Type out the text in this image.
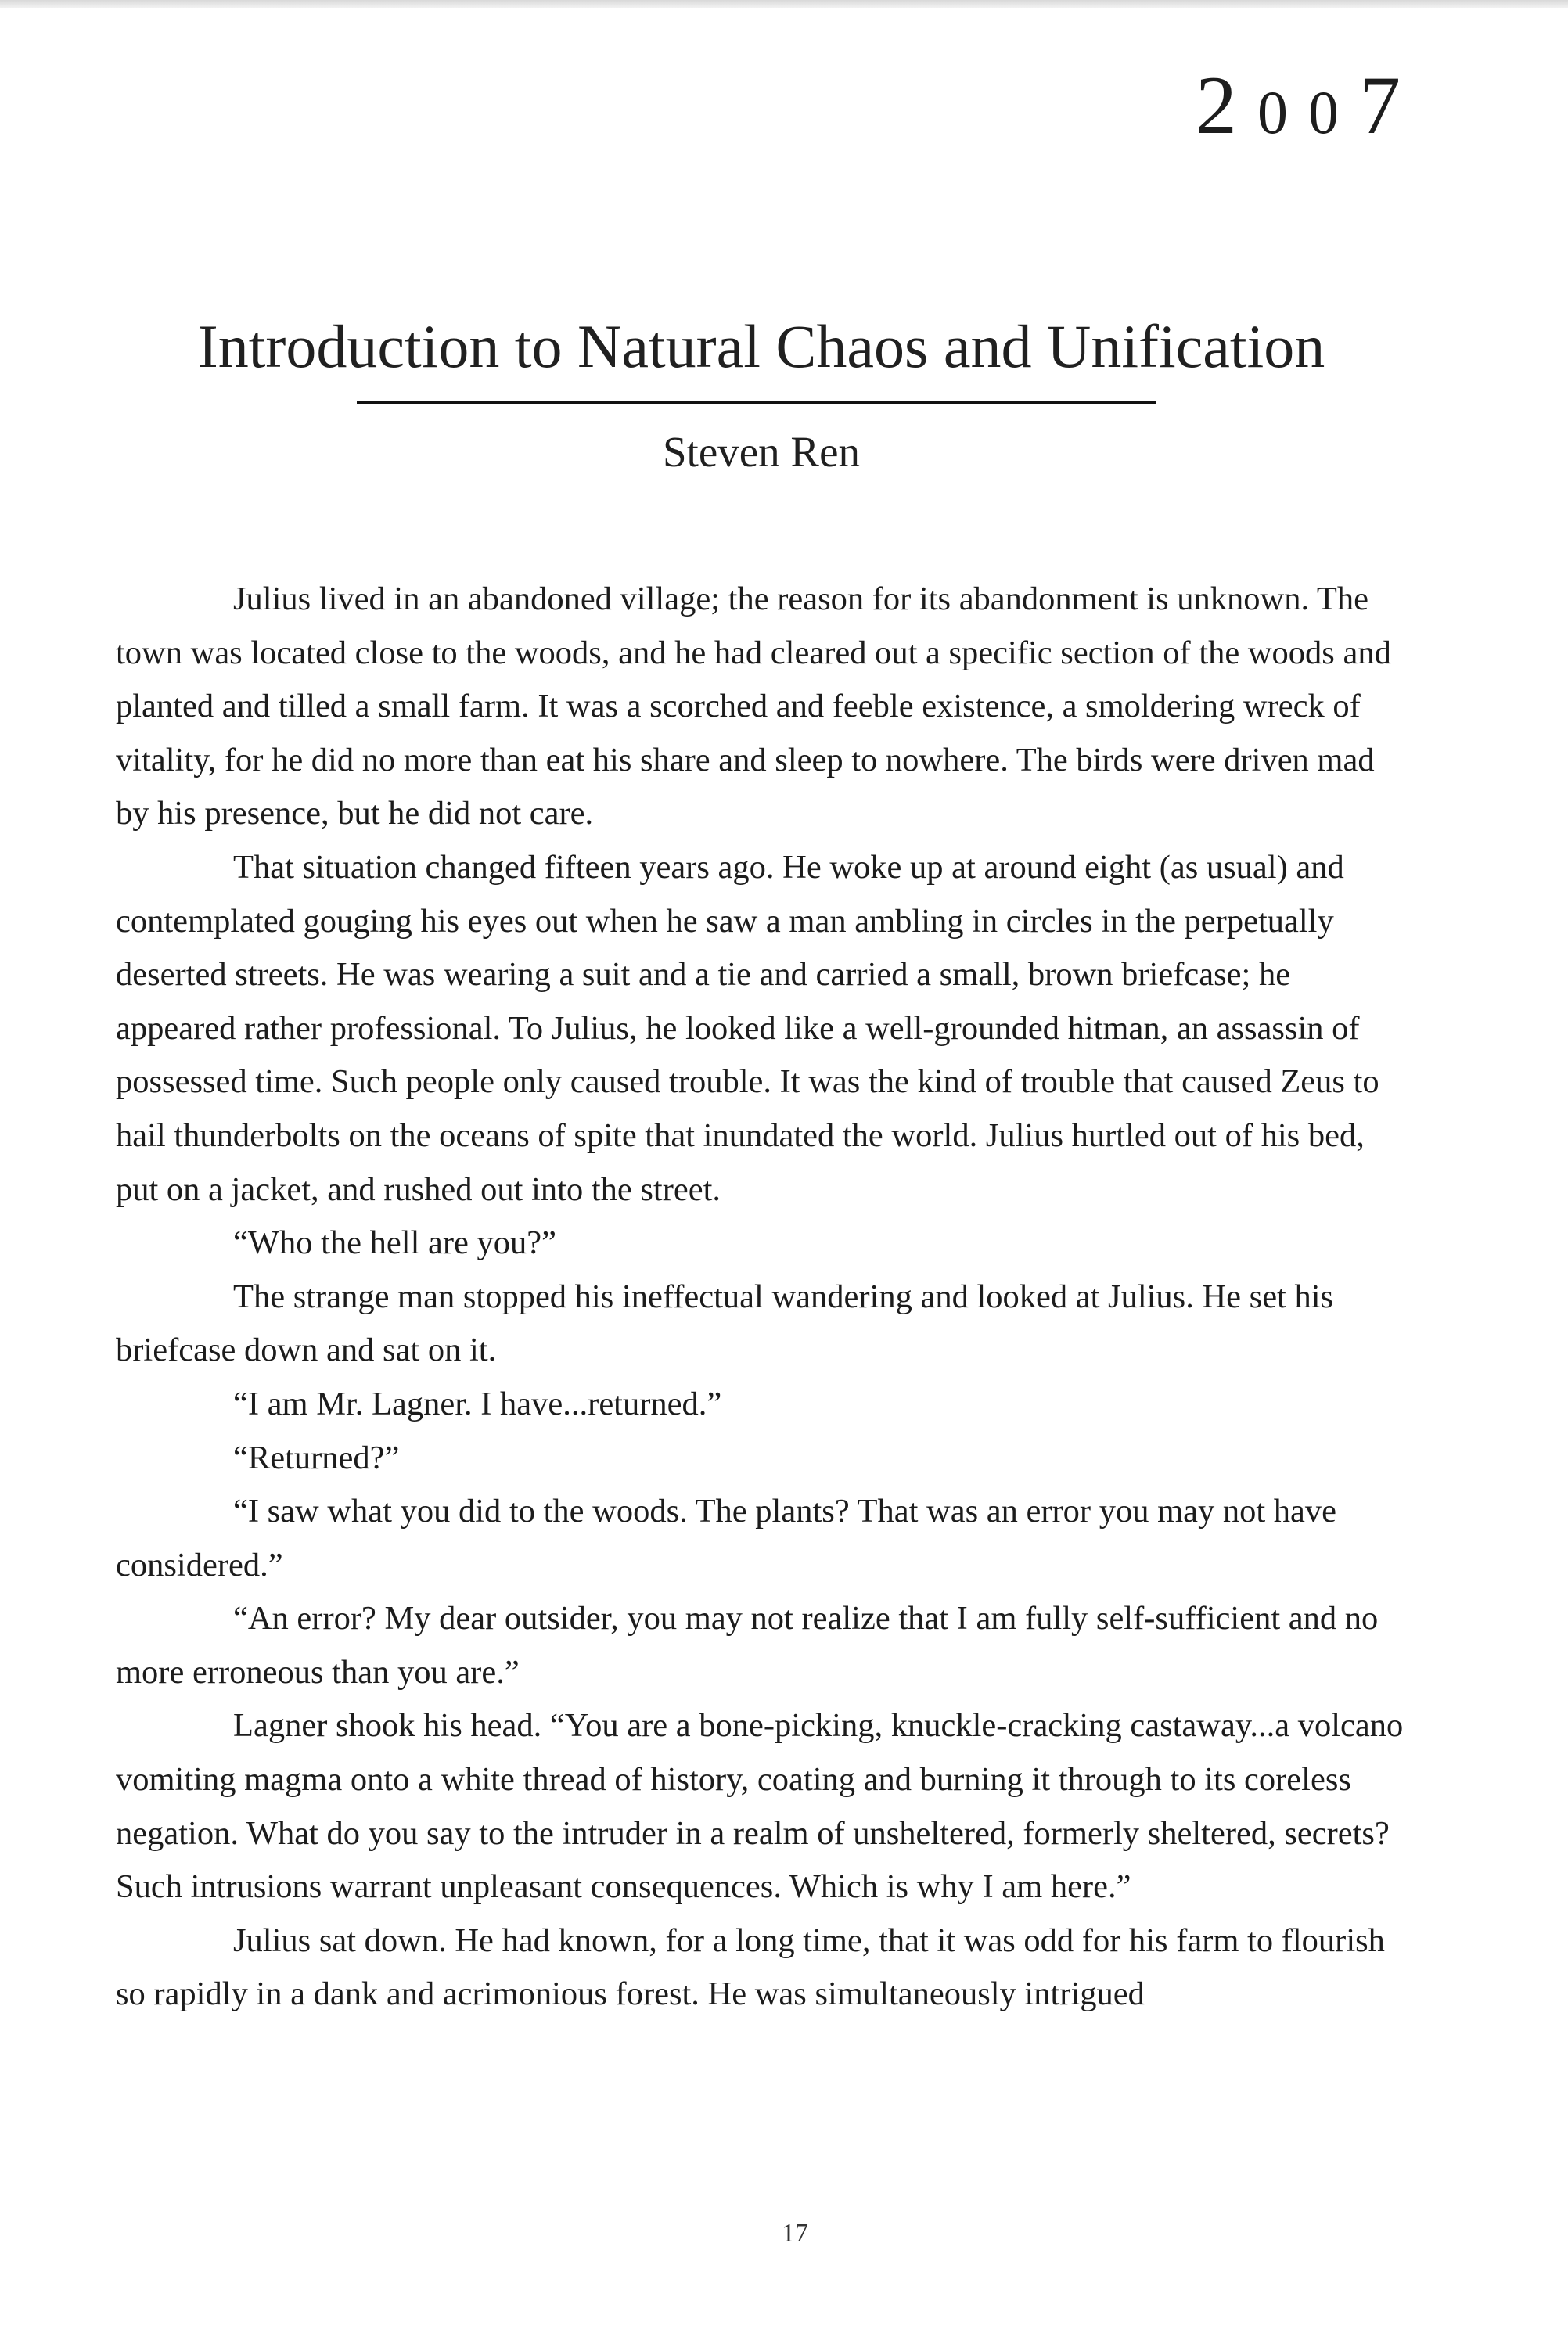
2 0 0 7
Introduction to Natural Chaos and Unification
Steven Ren

Julius lived in an abandoned village; the reason for its abandonment is unknown. The town was located close to the woods, and he had cleared out a specific section of the woods and planted and tilled a small farm. It was a scorched and feeble existence, a smoldering wreck of vitality, for he did no more than eat his share and sleep to nowhere. The birds were driven mad by his presence, but he did not care.

That situation changed fifteen years ago. He woke up at around eight (as usual) and contemplated gouging his eyes out when he saw a man ambling in circles in the perpetually deserted streets. He was wearing a suit and a tie and carried a small, brown briefcase; he appeared rather professional. To Julius, he looked like a well-grounded hitman, an assassin of possessed time. Such people only caused trouble. It was the kind of trouble that caused Zeus to hail thunderbolts on the oceans of spite that inundated the world. Julius hurtled out of his bed, put on a jacket, and rushed out into the street.

“Who the hell are you?”

The strange man stopped his ineffectual wandering and looked at Julius. He set his briefcase down and sat on it.

“I am Mr. Lagner. I have...returned.”

“Returned?”

“I saw what you did to the woods. The plants? That was an error you may not have considered.”

“An error? My dear outsider, you may not realize that I am fully self-sufficient and no more erroneous than you are.”

Lagner shook his head. “You are a bone-picking, knuckle-cracking castaway...a volcano vomiting magma onto a white thread of history, coating and burning it through to its coreless negation. What do you say to the intruder in a realm of unsheltered, formerly sheltered, secrets? Such intrusions warrant unpleasant consequences. Which is why I am here.”

Julius sat down. He had known, for a long time, that it was odd for his farm to flourish so rapidly in a dank and acrimonious forest. He was simultaneously intrigued

17
